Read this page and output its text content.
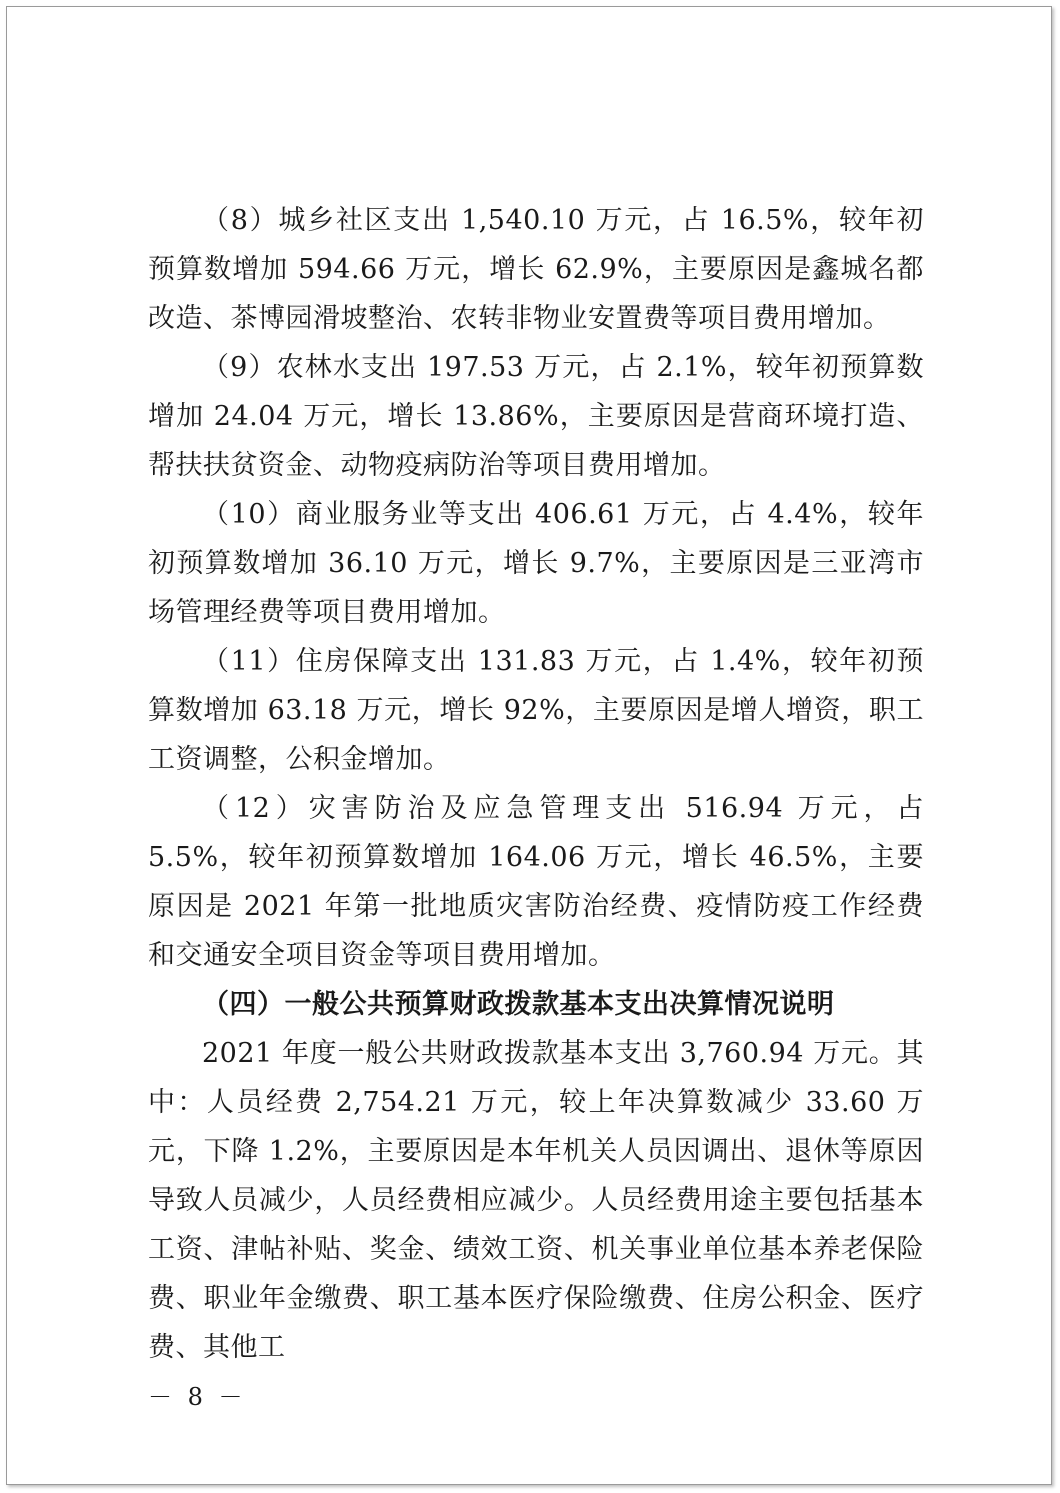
（8）城乡社区支出 1,540.10 万元，占 16.5%，较年初预算数增加 594.66 万元，增长 62.9%，主要原因是鑫城名都改造、茶博园滑坡整治、农转非物业安置费等项目费用增加。

（9）农林水支出 197.53 万元，占 2.1%，较年初预算数增加 24.04 万元，增长 13.86%，主要原因是营商环境打造、帮扶扶贫资金、动物疫病防治等项目费用增加。

（10）商业服务业等支出 406.61 万元，占 4.4%，较年初预算数增加 36.10 万元，增长 9.7%，主要原因是三亚湾市场管理经费等项目费用增加。

（11）住房保障支出 131.83 万元，占 1.4%，较年初预算数增加 63.18 万元，增长 92%，主要原因是增人增资，职工工资调整，公积金增加。

（12）灾害防治及应急管理支出 516.94 万元，占 5.5%，较年初预算数增加 164.06 万元，增长 46.5%，主要原因是 2021 年第一批地质灾害防治经费、疫情防疫工作经费和交通安全项目资金等项目费用增加。

（四）一般公共预算财政拨款基本支出决算情况说明

2021 年度一般公共财政拨款基本支出 3,760.94 万元。其中：人员经费 2,754.21 万元，较上年决算数减少 33.60 万元，下降 1.2%，主要原因是本年机关人员因调出、退休等原因导致人员减少，人员经费相应减少。人员经费用途主要包括基本工资、津帖补贴、奖金、绩效工资、机关事业单位基本养老保险费、职业年金缴费、职工基本医疗保险缴费、住房公积金、医疗费、其他工

－ 8 －
